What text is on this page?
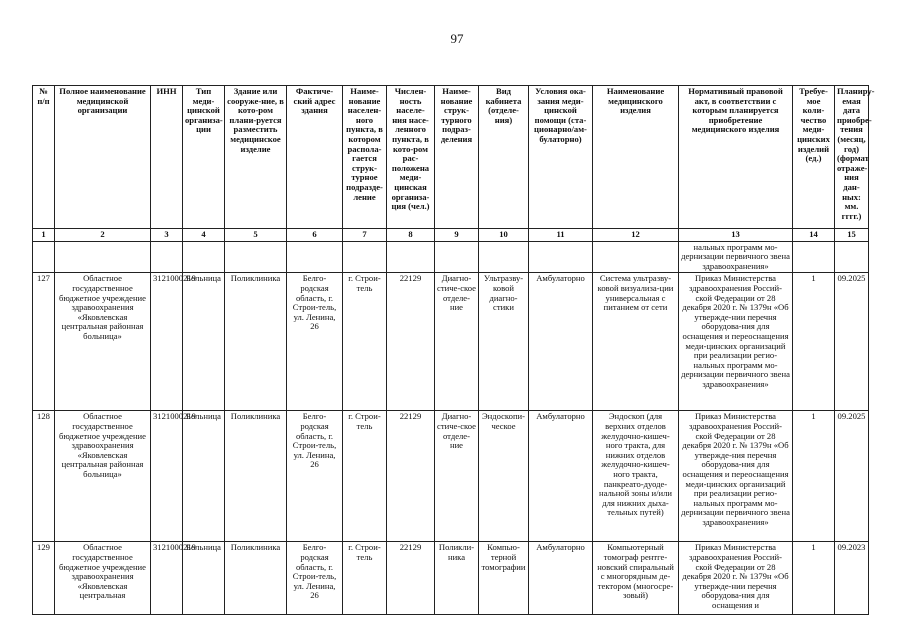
97
№ п/п	Полное наименование медицинской организации	ИНН	Тип меди-цинской организа-ции	Здание или сооруже-ние, в кото-ром плани-руется разместить медицинское изделие	Фактиче-ский адрес здания	Наиме-нование населен-ного пункта, в котором распола-гается струк-турное подразде-ление	Числен-ность населе-ния насе-ленного пункта, в кото-ром рас-положена меди-цинская организа-ция (чел.)	Наиме-нование струк-турного подраз-деления	Вид кабинета (отделе-ния)	Условия ока-зания меди-цинской помощи (ста-ционарно/ам-булаторно)	Наименование медицинского изделия	Нормативный правовой акт, в соответствии с которым планируется приобретение медицинского изделия	Требуе-мое коли-чество меди-цинских изделий (ед.)	Планиру-емая дата приобре-тения (месяц, год) (формат отраже-ния дан-ных: мм. гггг.)
1	2	3	4	5	6	7	8	9	10	11	12	13	14	15
												нальных программ мо-дернизации первичного звена здравоохранения»		
127	Областное государственное бюджетное учреждение здравоохранения «Яковлевская центральная районная больница»	3121000219	Больница	Поликлиника	Белго-родская область, г. Строи-тель, ул. Ленина, 26	г. Строи-тель	22129	Диагно-стиче-ское отделе-ние	Ультразву-ковой диагно-стики	Амбулаторно	Система ультразву-ковой визуализа-ции универсальная с питанием от сети	Приказ Министерства здравоохранения Россий-ской Федерации от 28 декабря 2020 г. № 1379н «Об утвержде-нии перечня оборудова-ния для оснащения и переоснащения меди-цинских организаций при реализации регио-нальных программ мо-дернизации первичного звена здравоохранения»	1	09.2025
128	Областное государственное бюджетное учреждение здравоохранения «Яковлевская центральная районная больница»	3121000219	Больница	Поликлиника	Белго-родская область, г. Строи-тель, ул. Ленина, 26	г. Строи-тель	22129	Диагно-стиче-ское отделе-ние	Эндоскопи-ческое	Амбулаторно	Эндоскоп (для верхних отделов желудочно-кишеч-ного тракта, для нижних отделов желудочно-кишеч-ного тракта, панкреато-дуоде-нальной зоны и/или для нижних дыха-тельных путей)	Приказ Министерства здравоохранения Россий-ской Федерации от 28 декабря 2020 г. № 1379н «Об утвержде-ния перечня оборудова-ния для оснащения и переоснащения меди-цинских организаций при реализации регио-нальных программ мо-дернизации первичного звена здравоохранения»	1	09.2025
129	Областное государственное бюджетное учреждение здравоохранения «Яковлевская центральная	3121000219	Больница	Поликлиника	Белго-родская область, г. Строи-тель, ул. Ленина, 26	г. Строи-тель	22129	Поликли-ника	Компью-терной томографии	Амбулаторно	Компьютерный томограф рентге-новский спиральный с многорядным де-тектором (многосре-зовый)	Приказ Министерства здравоохранения Россий-ской Федерации от 28 декабря 2020 г. № 1379н «Об утвержде-нии перечня оборудова-ния для оснащения и	1	09.2023
